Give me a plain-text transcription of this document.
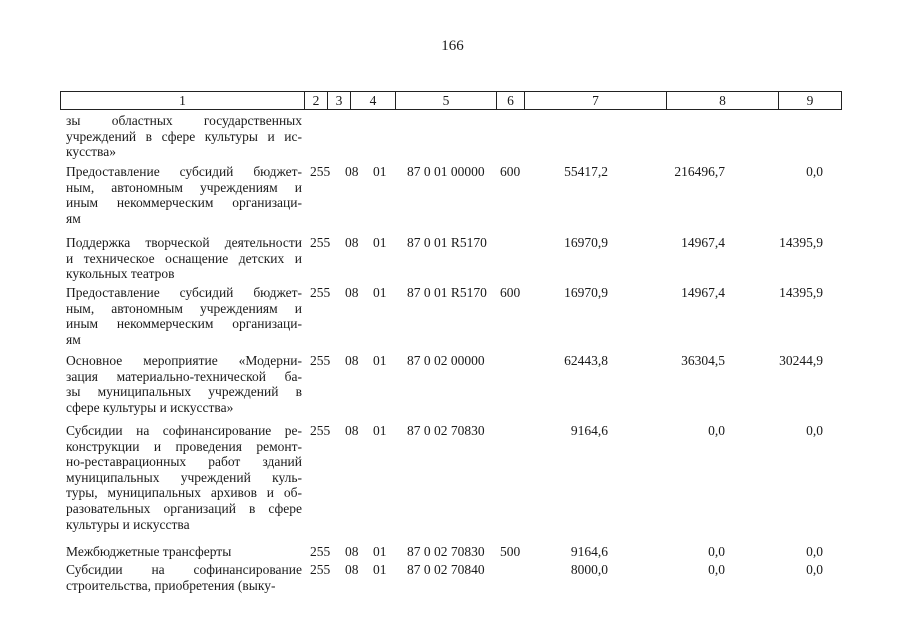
166
1	2	3	4	5	6	7	8	9
зы областных государственных
учреждений в сфере культуры и ис-
кусства»
Предоставление субсидий бюджет-
ным, автономным учреждениям и
иным некоммерческим организаци-
ям
255 08 01 87 0 01 00000 600	55417,2	216496,7	0,0
Поддержка творческой деятельности
и техническое оснащение детских и
кукольных театров
255 08 01 87 0 01 R5170	16970,9	14967,4	14395,9
Предоставление субсидий бюджет-
ным, автономным учреждениям и
иным некоммерческим организаци-
ям
255 08 01 87 0 01 R5170 600	16970,9	14967,4	14395,9
Основное мероприятие «Модерни-
зация материально-технической ба-
зы муниципальных учреждений в
сфере культуры и искусства»
255 08 01 87 0 02 00000	62443,8	36304,5	30244,9
Субсидии на софинансирование ре-
конструкции и проведения ремонт-
но-реставрационных работ зданий
муниципальных учреждений куль-
туры, муниципальных архивов и об-
разовательных организаций в сфере
культуры и искусства
255 08 01 87 0 02 70830	9164,6	0,0	0,0
Межбюджетные трансферты	255 08 01 87 0 02 70830 500	9164,6	0,0	0,0
Субсидии на софинансирование
строительства, приобретения (выку-
255 08 01 87 0 02 70840	8000,0	0,0	0,0
